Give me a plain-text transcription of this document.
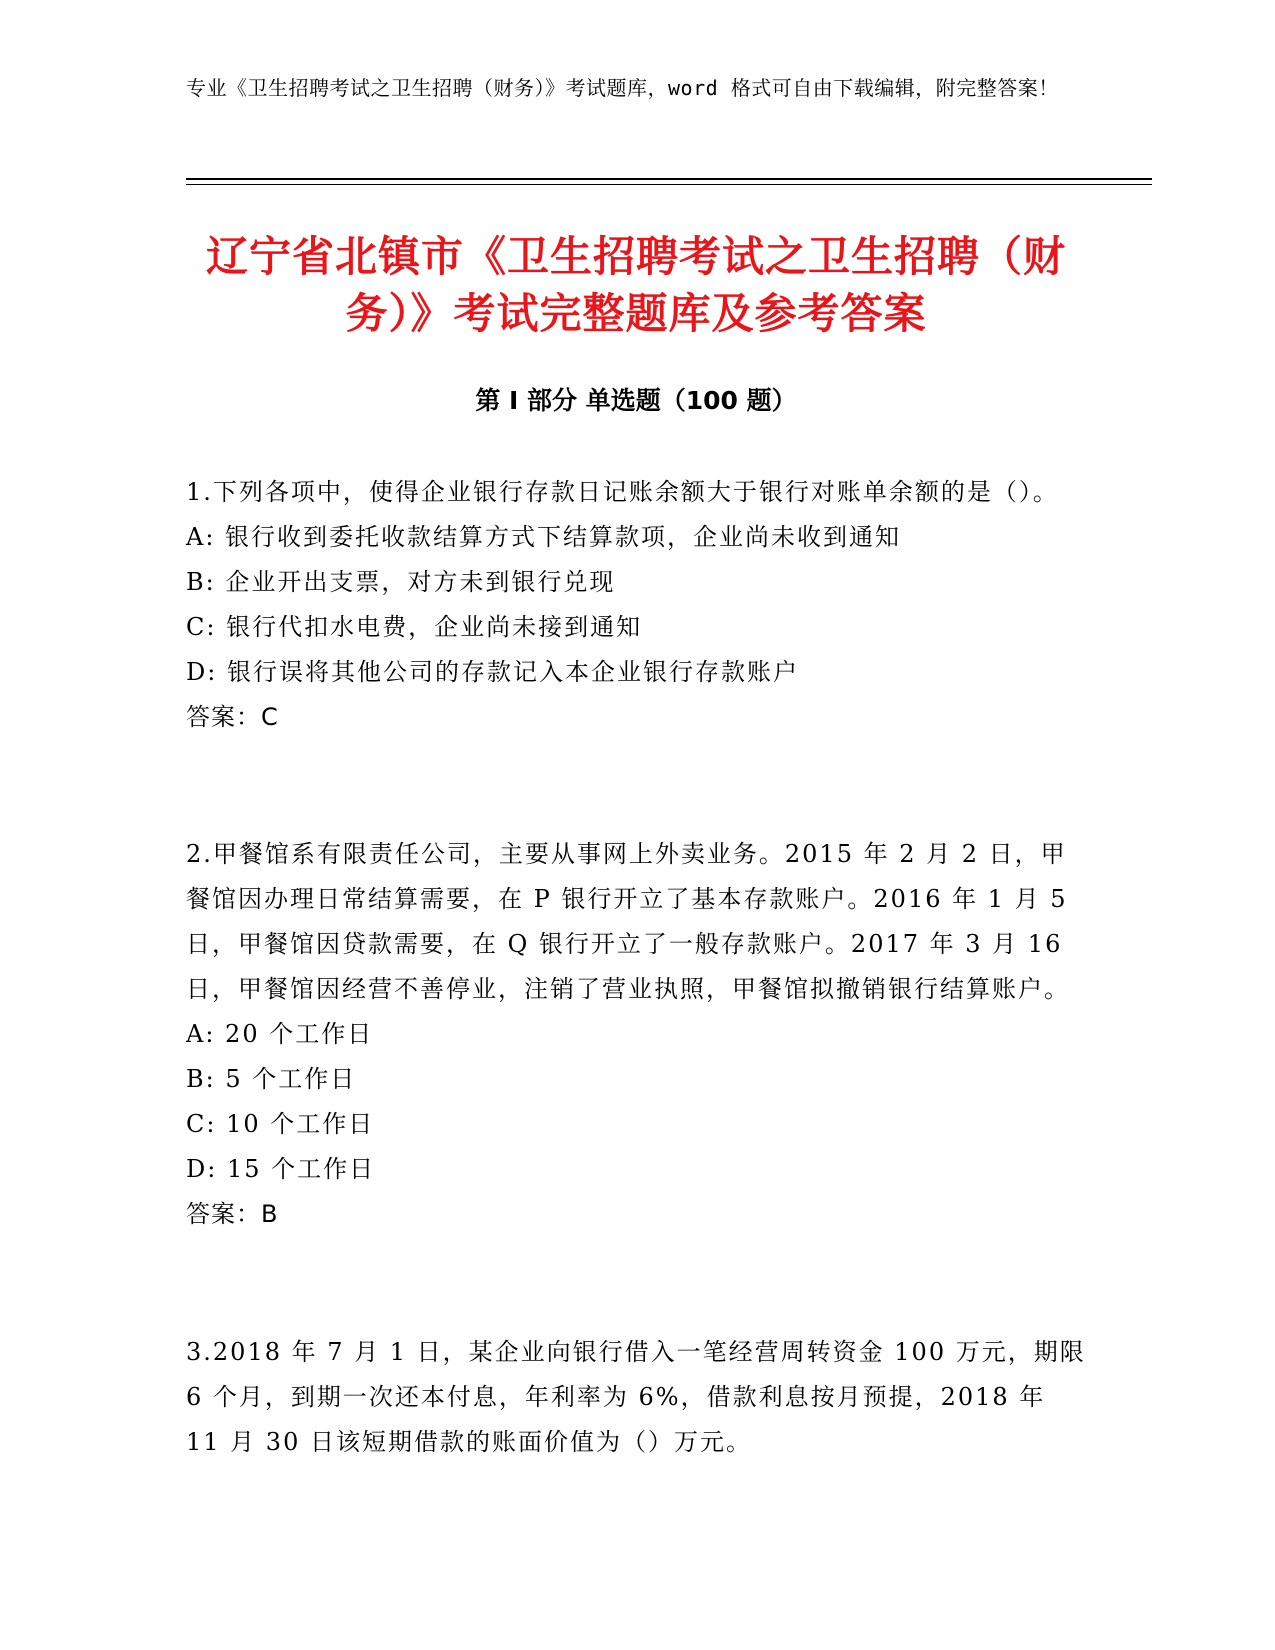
专业《卫生招聘考试之卫生招聘（财务）》考试题库，word 格式可自由下载编辑，附完整答案！
辽宁省北镇市《卫生招聘考试之卫生招聘（财务）》考试完整题库及参考答案
第 I 部分 单选题（100 题）
1.下列各项中，使得企业银行存款日记账余额大于银行对账单余额的是（）。
A: 银行收到委托收款结算方式下结算款项，企业尚未收到通知
B: 企业开出支票，对方未到银行兑现
C: 银行代扣水电费，企业尚未接到通知
D: 银行误将其他公司的存款记入本企业银行存款账户
答案：C
2.甲餐馆系有限责任公司，主要从事网上外卖业务。2015 年 2 月 2 日，甲餐馆因办理日常结算需要，在 P 银行开立了基本存款账户。2016 年 1 月 5 日，甲餐馆因贷款需要，在 Q 银行开立了一般存款账户。2017 年 3 月 16 日，甲餐馆因经营不善停业，注销了营业执照，甲餐馆拟撤销银行结算账户。
A: 20 个工作日
B: 5 个工作日
C: 10 个工作日
D: 15 个工作日
答案：B
3.2018 年 7 月 1 日，某企业向银行借入一笔经营周转资金 100 万元，期限 6 个月，到期一次还本付息，年利率为 6%，借款利息按月预提，2018 年 11 月 30 日该短期借款的账面价值为（）万元。
